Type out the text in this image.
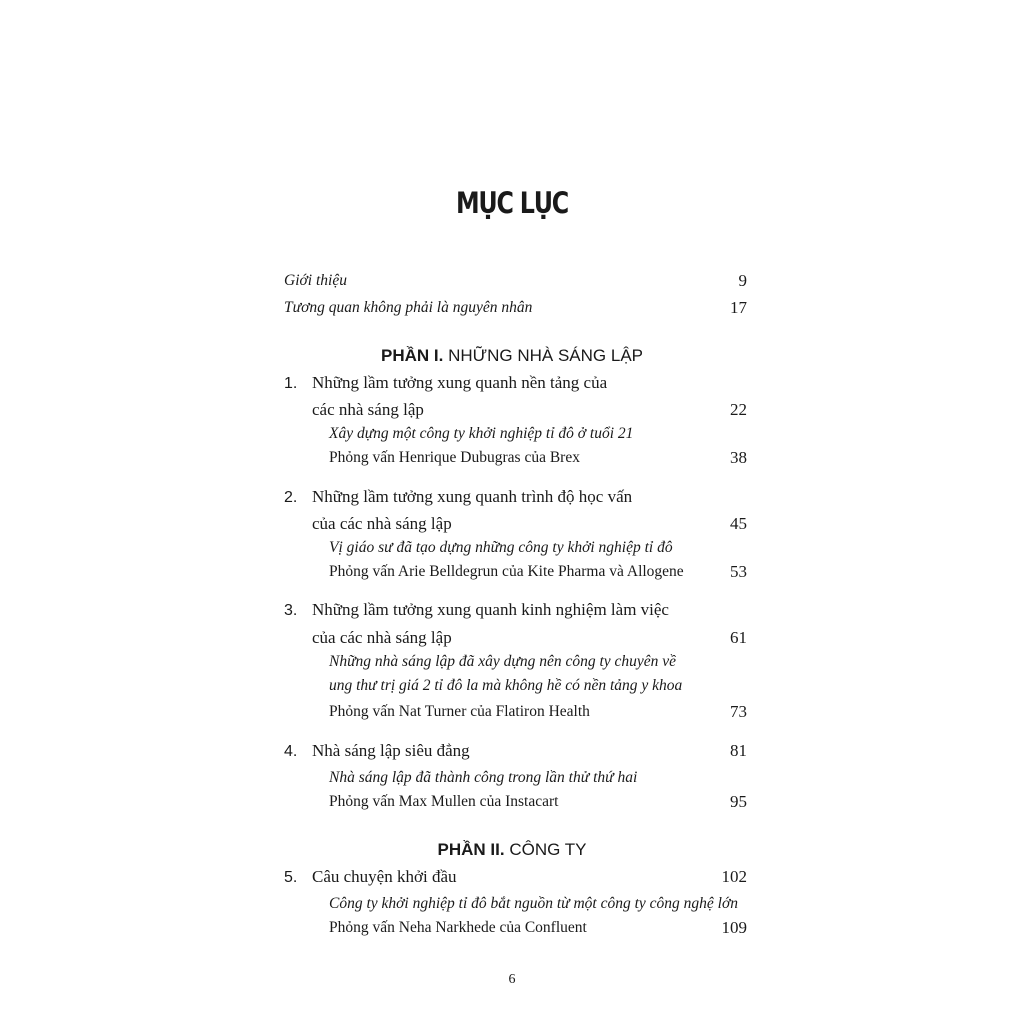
MỤC LỤC
Giới thiệu	9
Tương quan không phải là nguyên nhân	17
PHẦN I. NHỮNG NHÀ SÁNG LẬP
1. Những lầm tưởng xung quanh nền tảng của
các nhà sáng lập	22
Xây dựng một công ty khởi nghiệp tỉ đô ở tuổi 21
Phỏng vấn Henrique Dubugras của Brex	38
2. Những lầm tưởng xung quanh trình độ học vấn
của các nhà sáng lập	45
Vị giáo sư đã tạo dựng những công ty khởi nghiệp tỉ đô
Phỏng vấn Arie Belldegrun của Kite Pharma và Allogene	53
3. Những lầm tưởng xung quanh kinh nghiệm làm việc
của các nhà sáng lập	61
Những nhà sáng lập đã xây dựng nên công ty chuyên về
ung thư trị giá 2 tỉ đô la mà không hề có nền tảng y khoa
Phỏng vấn Nat Turner của Flatiron Health	73
4. Nhà sáng lập siêu đẳng	81
Nhà sáng lập đã thành công trong lần thử thứ hai
Phỏng vấn Max Mullen của Instacart	95
PHẦN II. CÔNG TY
5. Câu chuyện khởi đầu	102
Công ty khởi nghiệp tỉ đô bắt nguồn từ một công ty công nghệ lớn
Phỏng vấn Neha Narkhede của Confluent	109
6
